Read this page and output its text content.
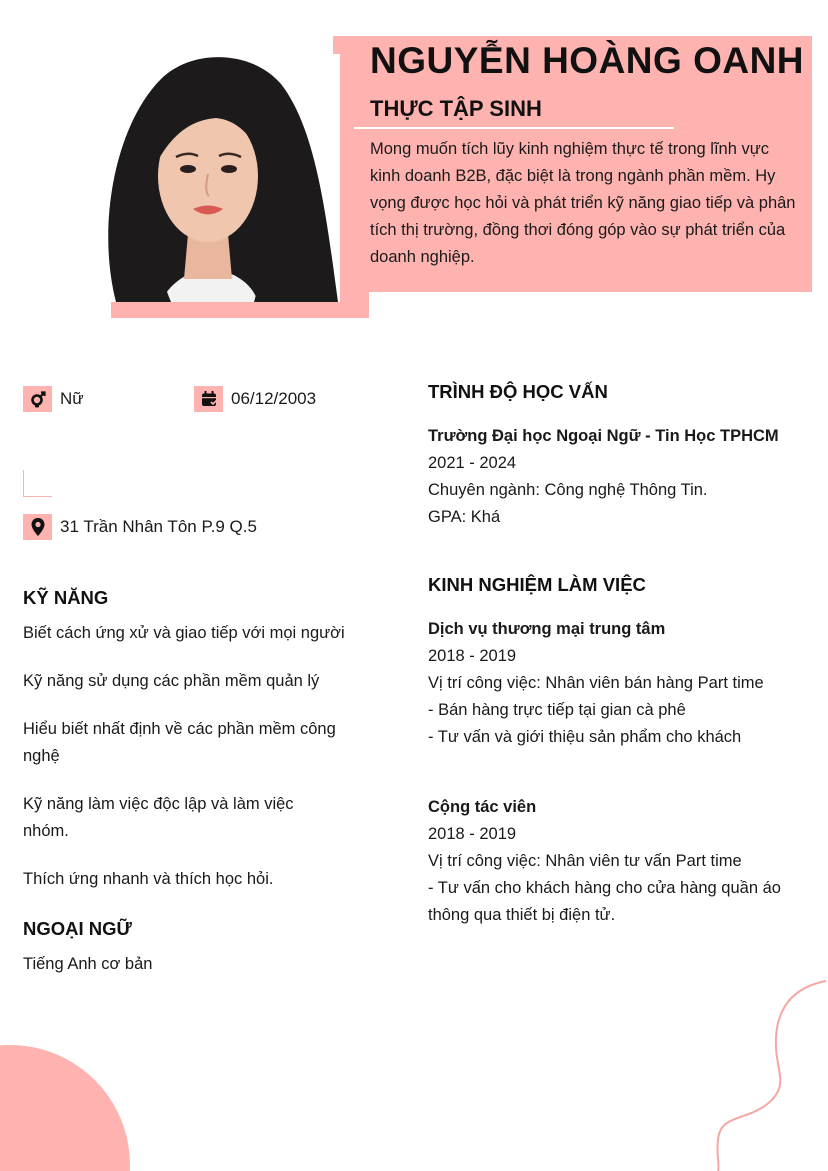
NGUYỄN HOÀNG OANH
THỰC TẬP SINH
Mong muốn tích lũy kinh nghiệm thực tế trong lĩnh vực kinh doanh B2B, đặc biệt là trong ngành phần mềm. Hy vọng được học hỏi và phát triển kỹ năng giao tiếp và phân tích thị trường, đồng thơi đóng góp vào sự phát triển của doanh nghiệp.
Nữ	06/12/2003
31 Trần Nhân Tôn P.9 Q.5
KỸ NĂNG
Biết cách ứng xử và giao tiếp với mọi người
Kỹ năng sử dụng các phần mềm quản lý
Hiểu biết nhất định về các phần mềm công nghệ
Kỹ năng làm việc độc lập và làm việc nhóm.
Thích ứng nhanh và thích học hỏi.
NGOẠI NGỮ
Tiếng Anh cơ bản
TRÌNH ĐỘ HỌC VẤN
Trường Đại học Ngoại Ngữ - Tin Học TPHCM
2021 - 2024
Chuyên ngành: Công nghệ Thông Tin.
GPA: Khá
KINH NGHIỆM LÀM VIỆC
Dịch vụ thương mại trung tâm
2018 - 2019
Vị trí công việc: Nhân viên bán hàng Part time
- Bán hàng trực tiếp tại gian cà phê
- Tư vấn và giới thiệu sản phẩm cho khách
Cộng tác viên
2018 - 2019
Vị trí công việc: Nhân viên tư vấn Part time
- Tư vấn cho khách hàng cho cửa hàng quần áo
thông qua thiết bị điện tử.
